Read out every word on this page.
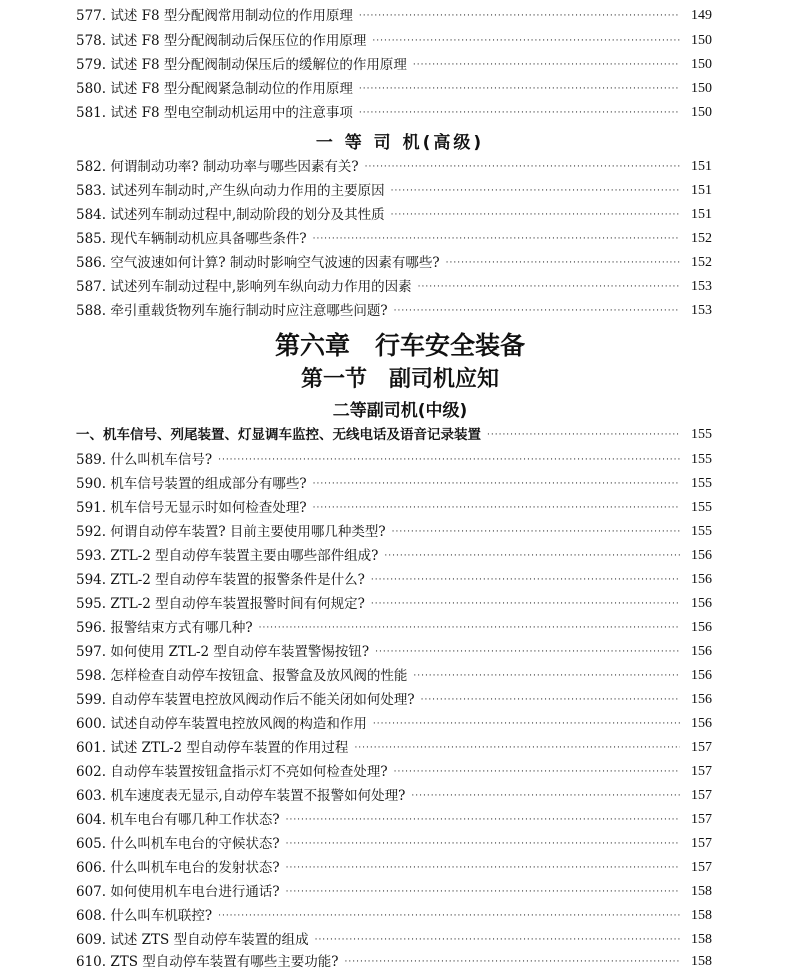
577. 试述 F8 型分配阀常用制动位的作用原理 ·····	149
578. 试述 F8 型分配阀制动后保压位的作用原理 ·····	150
579. 试述 F8 型分配阀制动保压后的缓解位的作用原理 ·····	150
580. 试述 F8 型分配阀紧急制动位的作用原理 ·····	150
581. 试述 F8 型电空制动机运用中的注意事项 ·····	150
一 等 司 机(高级)
582. 何谓制动功率? 制动功率与哪些因素有关? ·····	151
583. 试述列车制动时,产生纵向动力作用的主要原因 ·····	151
584. 试述列车制动过程中,制动阶段的划分及其性质 ·····	151
585. 现代车辆制动机应具备哪些条件? ·····	152
586. 空气波速如何计算? 制动时影响空气波速的因素有哪些? ·····	152
587. 试述列车制动过程中,影响列车纵向动力作用的因素 ·····	153
588. 牵引重载货物列车施行制动时应注意哪些问题? ·····	153
第六章　行车安全装备
第一节　副司机应知
二等副司机(中级)
一、机车信号、列尾装置、灯显调车监控、无线电话及语音记录装置 ·····	155
589. 什么叫机车信号? ·····	155
590. 机车信号装置的组成部分有哪些? ·····	155
591. 机车信号无显示时如何检查处理? ·····	155
592. 何谓自动停车装置? 目前主要使用哪几种类型? ·····	155
593. ZTL-2 型自动停车装置主要由哪些部件组成? ·····	156
594. ZTL-2 型自动停车装置的报警条件是什么? ·····	156
595. ZTL-2 型自动停车装置报警时间有何规定? ·····	156
596. 报警结束方式有哪几种? ·····	156
597. 如何使用 ZTL-2 型自动停车装置警惕按钮? ·····	156
598. 怎样检查自动停车按钮盒、报警盒及放风阀的性能 ·····	156
599. 自动停车装置电控放风阀动作后不能关闭如何处理? ·····	156
600. 试述自动停车装置电控放风阀的构造和作用 ·····	156
601. 试述 ZTL-2 型自动停车装置的作用过程 ·····	157
602. 自动停车装置按钮盒指示灯不亮如何检查处理? ·····	157
603. 机车速度表无显示,自动停车装置不报警如何处理? ·····	157
604. 机车电台有哪几种工作状态? ·····	157
605. 什么叫机车电台的守候状态? ·····	157
606. 什么叫机车电台的发射状态? ·····	157
607. 如何使用机车电台进行通话? ·····	158
608. 什么叫车机联控? ·····	158
609. 试述 ZTS 型自动停车装置的组成 ·····	158
610. ZTS 型自动停车装置有哪些主要功能? ·····	158
